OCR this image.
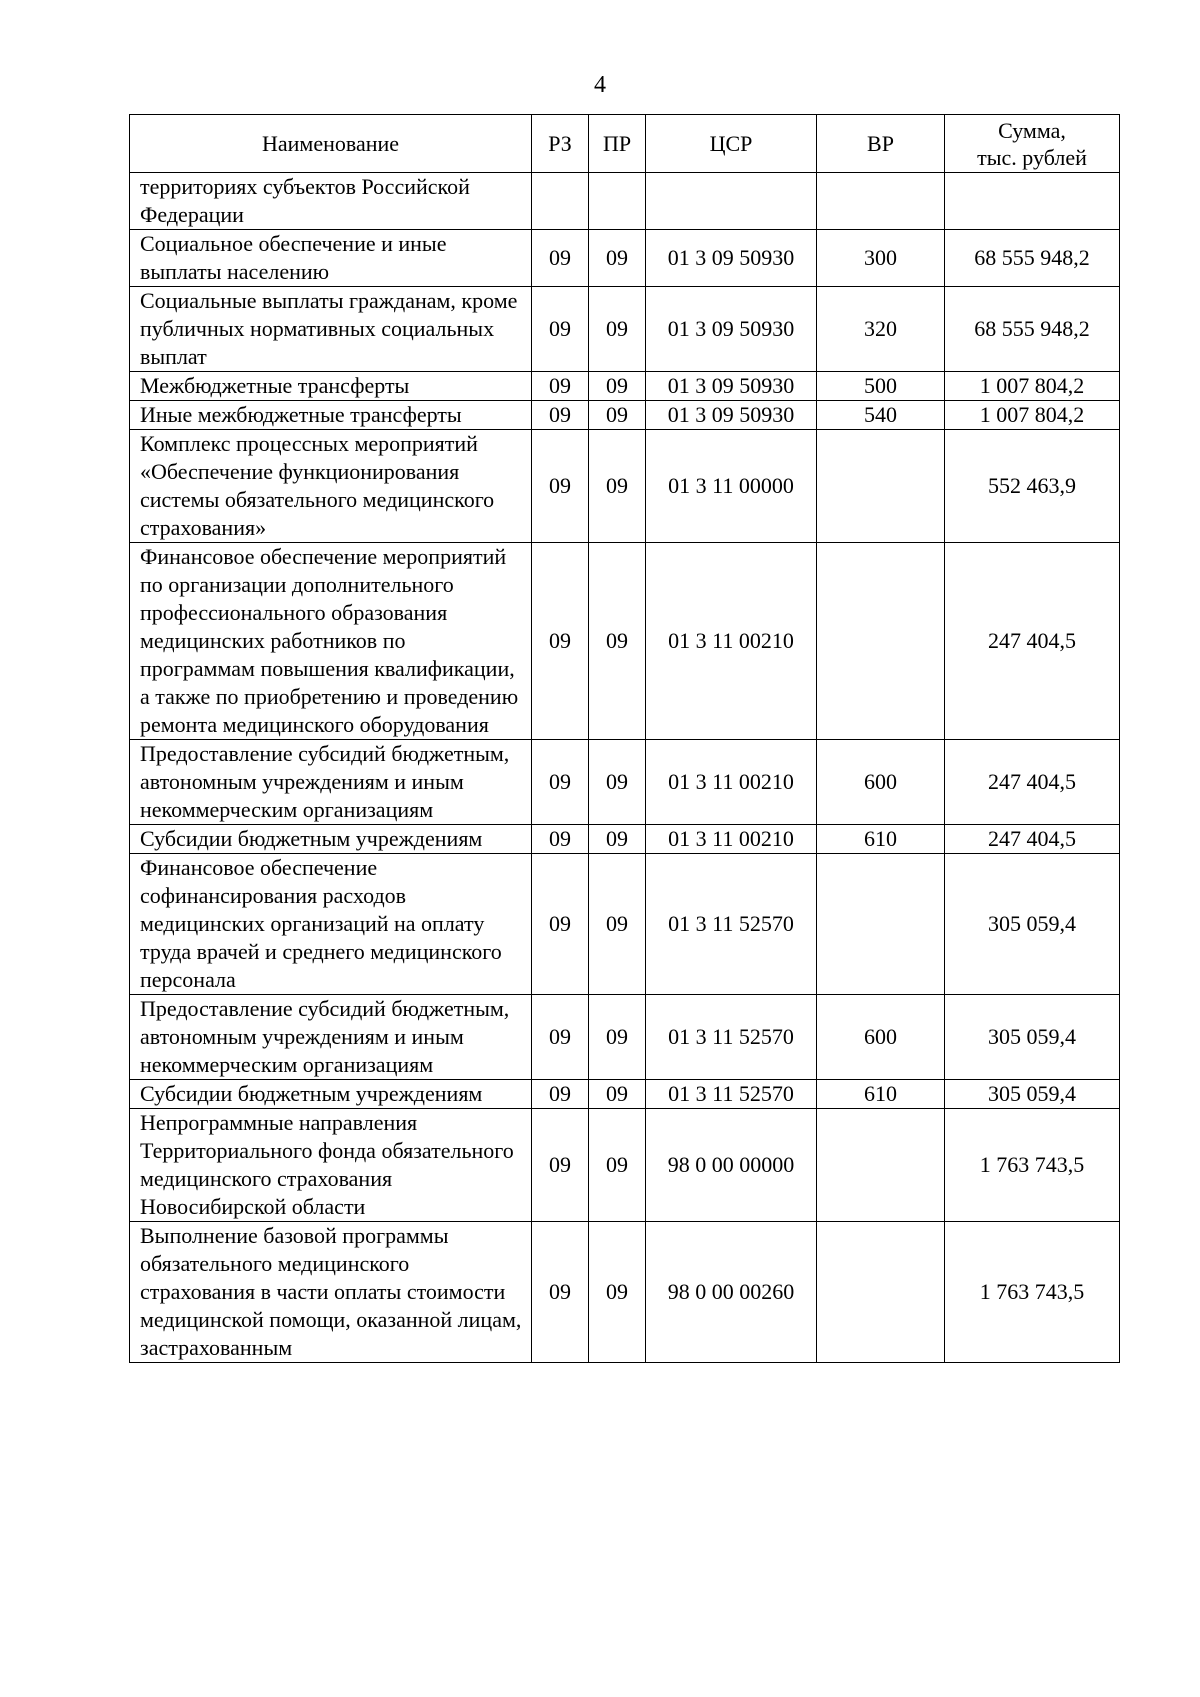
4
Наименование	РЗ	ПР	ЦСР	ВР	Сумма,
тыс. рублей

территориях субъектов Российской Федерации					
Социальное обеспечение и иные выплаты населению	09	09	01 3 09 50930	300	68 555 948,2
Социальные выплаты гражданам, кроме публичных нормативных социальных выплат	09	09	01 3 09 50930	320	68 555 948,2
Межбюджетные трансферты	09	09	01 3 09 50930	500	1 007 804,2
Иные межбюджетные трансферты	09	09	01 3 09 50930	540	1 007 804,2
Комплекс процессных мероприятий «Обеспечение функционирования системы обязательного медицинского страхования»	09	09	01 3 11 00000		552 463,9
Финансовое обеспечение мероприятий по организации дополнительного профессионального образования медицинских работников по программам повышения квалификации, а также по приобретению и проведению ремонта медицинского оборудования	09	09	01 3 11 00210		247 404,5
Предоставление субсидий бюджетным, автономным учреждениям и иным некоммерческим организациям	09	09	01 3 11 00210	600	247 404,5
Субсидии бюджетным учреждениям	09	09	01 3 11 00210	610	247 404,5
Финансовое обеспечение софинансирования расходов медицинских организаций на оплату труда врачей и среднего медицинского персонала	09	09	01 3 11 52570		305 059,4
Предоставление субсидий бюджетным, автономным учреждениям и иным некоммерческим организациям	09	09	01 3 11 52570	600	305 059,4
Субсидии бюджетным учреждениям	09	09	01 3 11 52570	610	305 059,4
Непрограммные направления Территориального фонда обязательного медицинского страхования Новосибирской области	09	09	98 0 00 00000		1 763 743,5
Выполнение базовой программы обязательного медицинского страхования в части оплаты стоимости медицинской помощи, оказанной лицам, застрахованным	09	09	98 0 00 00260		1 763 743,5
